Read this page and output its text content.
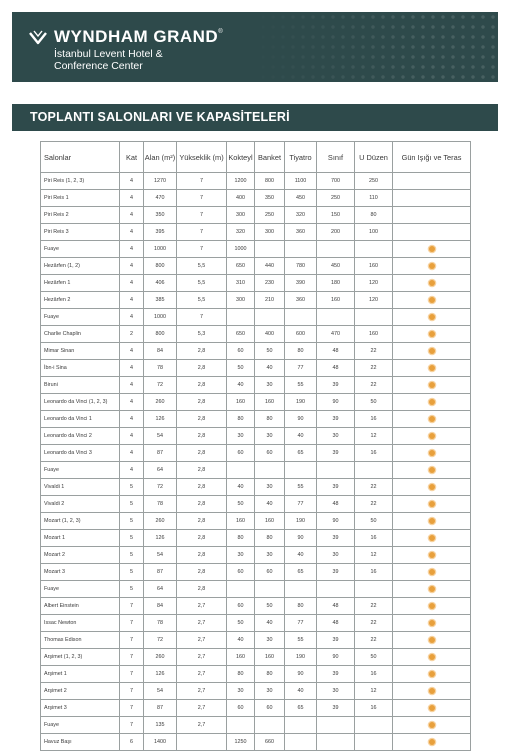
WYNDHAM GRAND®
İstanbul Levent Hotel &
Conference Center
TOPLANTI SALONLARI VE KAPASİTELERİ
Salonlar	Kat	Alan (m²)	Yükseklik (m)	Kokteyl	Banket	Tiyatro	Sınıf	U Düzen	Gün Işığı ve Teras
Piri Reis (1, 2, 3)	4	1270	7	1200	800	1100	700	250	
Piri Reis 1	4	470	7	400	350	450	250	110	
Piri Reis 2	4	350	7	300	250	320	150	80	
Piri Reis 3	4	395	7	320	300	360	200	100	
Fuaye	4	1000	7	1000					
Hezârfen (1, 2)	4	800	5,5	650	440	780	450	160	
Hezârfen 1	4	406	5,5	310	230	390	180	120	
Hezârfen 2	4	385	5,5	300	210	360	160	120	
Fuaye	4	1000	7						
Charlie Chaplin	2	800	5,3	650	400	600	470	160	
Mimar Sinan	4	84	2,8	60	50	80	48	22	
İbn-i Sina	4	78	2,8	50	40	77	48	22	
Biruni	4	72	2,8	40	30	55	39	22	
Leonardo da Vinci (1, 2, 3)	4	260	2,8	160	160	190	90	50	
Leonardo da Vinci 1	4	126	2,8	80	80	90	39	16	
Leonardo da Vinci 2	4	54	2,8	30	30	40	30	12	
Leonardo da Vinci 3	4	87	2,8	60	60	65	39	16	
Fuaye	4	64	2,8						
Vivaldi 1	5	72	2,8	40	30	55	39	22	
Vivaldi 2	5	78	2,8	50	40	77	48	22	
Mozart (1, 2, 3)	5	260	2,8	160	160	190	90	50	
Mozart 1	5	126	2,8	80	80	90	39	16	
Mozart 2	5	54	2,8	30	30	40	30	12	
Mozart 3	5	87	2,8	60	60	65	39	16	
Fuaye	5	64	2,8						
Albert Einstein	7	84	2,7	60	50	80	48	22	
Issac Newton	7	78	2,7	50	40	77	48	22	
Thomas Edison	7	72	2,7	40	30	55	39	22	
Arşimet (1, 2, 3)	7	260	2,7	160	160	190	90	50	
Arşimet 1	7	126	2,7	80	80	90	39	16	
Arşimet 2	7	54	2,7	30	30	40	30	12	
Arşimet 3	7	87	2,7	60	60	65	39	16	
Fuaye	7	135	2,7						
Havuz Başı	6	1400		1250	660				
